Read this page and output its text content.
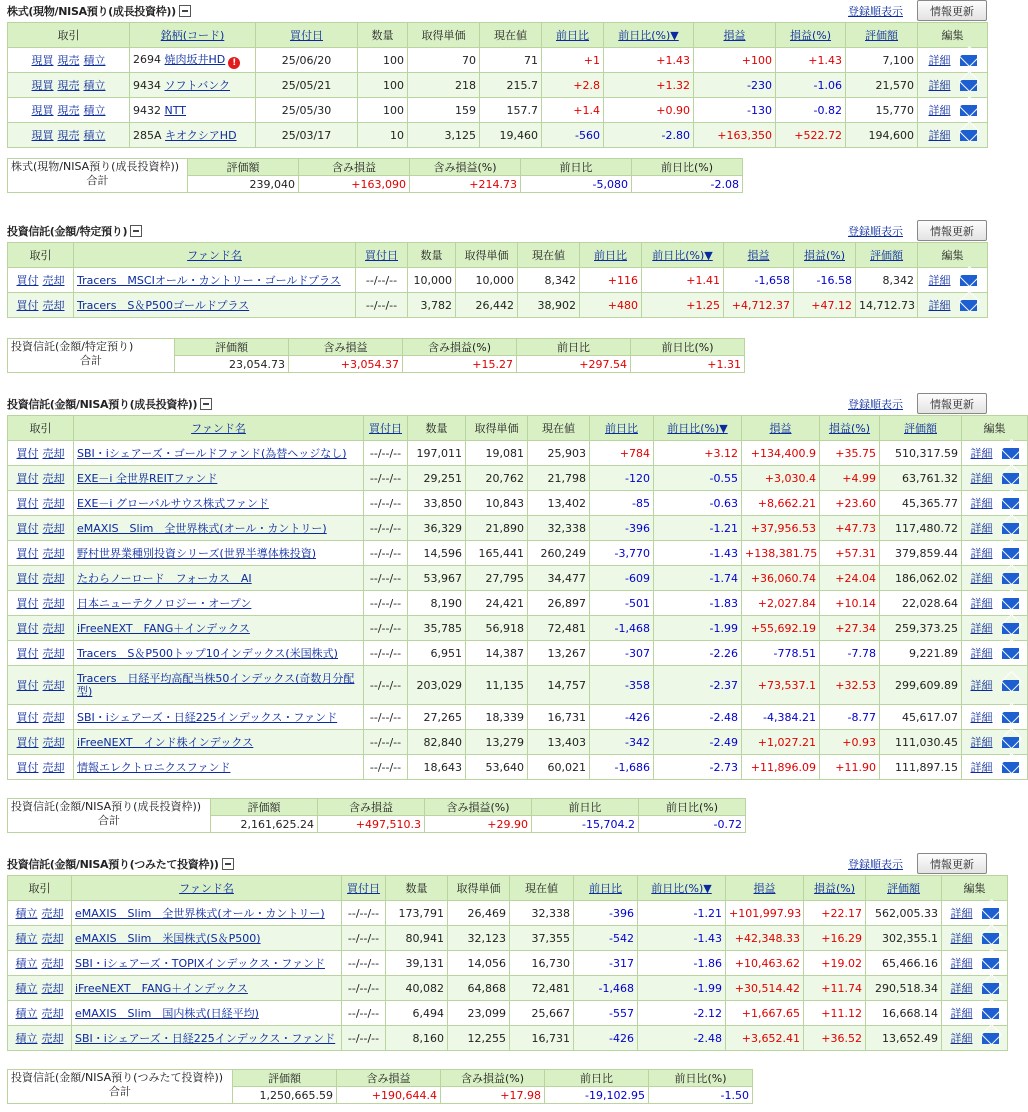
株式(現物/NISA預り(成長投資枠))	登録順表示	情報更新
取引	銘柄(コード)	買付日	数量	取得単価	現在値	前日比	前日比(%)▼	損益	損益(%)	評価額	編集
現買 現売 積立	2694 焼肉坂井HD !	25/06/20	100	70	71	+1	+1.43	+100	+1.43	7,100	詳細
現買 現売 積立	9434 ソフトバンク	25/05/21	100	218	215.7	+2.8	+1.32	-230	-1.06	21,570	詳細
現買 現売 積立	9432 NTT	25/05/30	100	159	157.7	+1.4	+0.90	-130	-0.82	15,770	詳細
現買 現売 積立	285A キオクシアHD	25/03/17	10	3,125	19,460	-560	-2.80	+163,350	+522.72	194,600	詳細
株式(現物/NISA預り(成長投資枠))
合計	評価額	含み損益	含み損益(%)	前日比	前日比(%)
	239,040	+163,090	+214.73	-5,080	-2.08
投資信託(金額/特定預り)	登録順表示	情報更新
取引	ファンド名	買付日	数量	取得単価	現在値	前日比	前日比(%)▼	損益	損益(%)	評価額	編集
買付 売却	Tracers　MSCIオール・カントリー・ゴールドプラス	--/--/--	10,000	10,000	8,342	+116	+1.41	-1,658	-16.58	8,342	詳細
買付 売却	Tracers　S＆P500ゴールドプラス	--/--/--	3,782	26,442	38,902	+480	+1.25	+4,712.37	+47.12	14,712.73	詳細
投資信託(金額/特定預り)
合計	評価額	含み損益	含み損益(%)	前日比	前日比(%)
	23,054.73	+3,054.37	+15.27	+297.54	+1.31
投資信託(金額/NISA預り(成長投資枠))	登録順表示	情報更新
取引	ファンド名	買付日	数量	取得単価	現在値	前日比	前日比(%)▼	損益	損益(%)	評価額	編集
買付 売却	SBI・iシェアーズ・ゴールドファンド(為替ヘッジなし)	--/--/--	197,011	19,081	25,903	+784	+3.12	+134,400.9	+35.75	510,317.59	詳細
買付 売却	EXE－i 全世界REITファンド	--/--/--	29,251	20,762	21,798	-120	-0.55	+3,030.4	+4.99	63,761.32	詳細
買付 売却	EXE－i グローバルサウス株式ファンド	--/--/--	33,850	10,843	13,402	-85	-0.63	+8,662.21	+23.60	45,365.77	詳細
買付 売却	eMAXIS　Slim　全世界株式(オール・カントリー)	--/--/--	36,329	21,890	32,338	-396	-1.21	+37,956.53	+47.73	117,480.72	詳細
買付 売却	野村世界業種別投資シリーズ(世界半導体株投資)	--/--/--	14,596	165,441	260,249	-3,770	-1.43	+138,381.75	+57.31	379,859.44	詳細
買付 売却	たわらノーロード　フォーカス　AI	--/--/--	53,967	27,795	34,477	-609	-1.74	+36,060.74	+24.04	186,062.02	詳細
買付 売却	日本ニューテクノロジー・オープン	--/--/--	8,190	24,421	26,897	-501	-1.83	+2,027.84	+10.14	22,028.64	詳細
買付 売却	iFreeNEXT　FANG＋インデックス	--/--/--	35,785	56,918	72,481	-1,468	-1.99	+55,692.19	+27.34	259,373.25	詳細
買付 売却	Tracers　S＆P500トップ10インデックス(米国株式)	--/--/--	6,951	14,387	13,267	-307	-2.26	-778.51	-7.78	9,221.89	詳細
買付 売却	Tracers　日経平均高配当株50インデックス(奇数月分配型)	--/--/--	203,029	11,135	14,757	-358	-2.37	+73,537.1	+32.53	299,609.89	詳細
買付 売却	SBI・iシェアーズ・日経225インデックス・ファンド	--/--/--	27,265	18,339	16,731	-426	-2.48	-4,384.21	-8.77	45,617.07	詳細
買付 売却	iFreeNEXT　インド株インデックス	--/--/--	82,840	13,279	13,403	-342	-2.49	+1,027.21	+0.93	111,030.45	詳細
買付 売却	情報エレクトロニクスファンド	--/--/--	18,643	53,640	60,021	-1,686	-2.73	+11,896.09	+11.90	111,897.15	詳細
投資信託(金額/NISA預り(成長投資枠))
合計	評価額	含み損益	含み損益(%)	前日比	前日比(%)
	2,161,625.24	+497,510.3	+29.90	-15,704.2	-0.72
投資信託(金額/NISA預り(つみたて投資枠))	登録順表示	情報更新
取引	ファンド名	買付日	数量	取得単価	現在値	前日比	前日比(%)▼	損益	損益(%)	評価額	編集
積立 売却	eMAXIS　Slim　全世界株式(オール・カントリー)	--/--/--	173,791	26,469	32,338	-396	-1.21	+101,997.93	+22.17	562,005.33	詳細
積立 売却	eMAXIS　Slim　米国株式(S＆P500)	--/--/--	80,941	32,123	37,355	-542	-1.43	+42,348.33	+16.29	302,355.1	詳細
積立 売却	SBI・iシェアーズ・TOPIXインデックス・ファンド	--/--/--	39,131	14,056	16,730	-317	-1.86	+10,463.62	+19.02	65,466.16	詳細
積立 売却	iFreeNEXT　FANG＋インデックス	--/--/--	40,082	64,868	72,481	-1,468	-1.99	+30,514.42	+11.74	290,518.34	詳細
積立 売却	eMAXIS　Slim　国内株式(日経平均)	--/--/--	6,494	23,099	25,667	-557	-2.12	+1,667.65	+11.12	16,668.14	詳細
積立 売却	SBI・iシェアーズ・日経225インデックス・ファンド	--/--/--	8,160	12,255	16,731	-426	-2.48	+3,652.41	+36.52	13,652.49	詳細
投資信託(金額/NISA預り(つみたて投資枠))
合計	評価額	含み損益	含み損益(%)	前日比	前日比(%)
	1,250,665.59	+190,644.4	+17.98	-19,102.95	-1.50
